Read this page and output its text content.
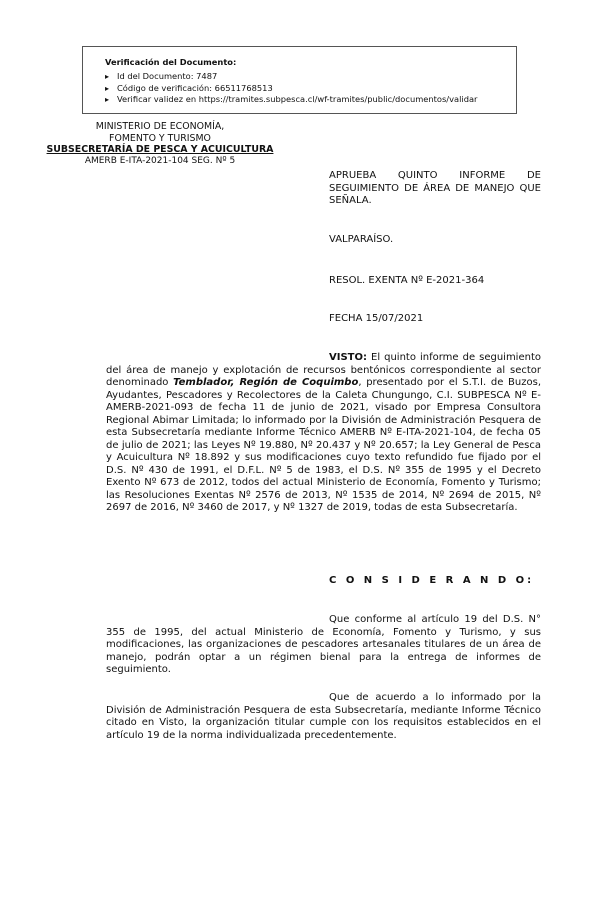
Verificación del Documento:
▸ Id del Documento: 7487
▸ Código de verificación: 66511768513
▸ Verificar validez en https://tramites.subpesca.cl/wf-tramites/public/documentos/validar
MINISTERIO DE ECONOMÍA,
FOMENTO Y TURISMO
SUBSECRETARÍA DE PESCA Y ACUICULTURA
AMERB E-ITA-2021-104 SEG. Nº 5
APRUEBA QUINTO INFORME DE SEGUIMIENTO DE ÁREA DE MANEJO QUE SEÑALA.
VALPARAÍSO.
RESOL. EXENTA Nº E-2021-364
FECHA 15/07/2021
VISTO: El quinto informe de seguimiento del área de manejo y explotación de recursos bentónicos correspondiente al sector denominado Temblador, Región de Coquimbo, presentado por el S.T.I. de Buzos, Ayudantes, Pescadores y Recolectores de la Caleta Chungungo, C.I. SUBPESCA Nº E-AMERB-2021-093 de fecha 11 de junio de 2021, visado por Empresa Consultora Regional Abimar Limitada; lo informado por la División de Administración Pesquera de esta Subsecretaría mediante Informe Técnico AMERB Nº E-ITA-2021-104, de fecha 05 de julio de 2021; las Leyes Nº 19.880, Nº 20.437 y Nº 20.657; la Ley General de Pesca y Acuicultura Nº 18.892 y sus modificaciones cuyo texto refundido fue fijado por el D.S. Nº 430 de 1991, el D.F.L. Nº 5 de 1983, el D.S. Nº 355 de 1995 y el Decreto Exento Nº 673 de 2012, todos del actual Ministerio de Economía, Fomento y Turismo; las Resoluciones Exentas Nº 2576 de 2013, Nº 1535 de 2014, Nº 2694 de 2015, Nº 2697 de 2016, Nº 3460 de 2017, y Nº 1327 de 2019, todas de esta Subsecretaría.
C O N S I D E R A N D O:
Que conforme al artículo 19 del D.S. N° 355 de 1995, del actual Ministerio de Economía, Fomento y Turismo, y sus modificaciones, las organizaciones de pescadores artesanales titulares de un área de manejo, podrán optar a un régimen bienal para la entrega de informes de seguimiento.
Que de acuerdo a lo informado por la División de Administración Pesquera de esta Subsecretaría, mediante Informe Técnico citado en Visto, la organización titular cumple con los requisitos establecidos en el artículo 19 de la norma individualizada precedentemente.
